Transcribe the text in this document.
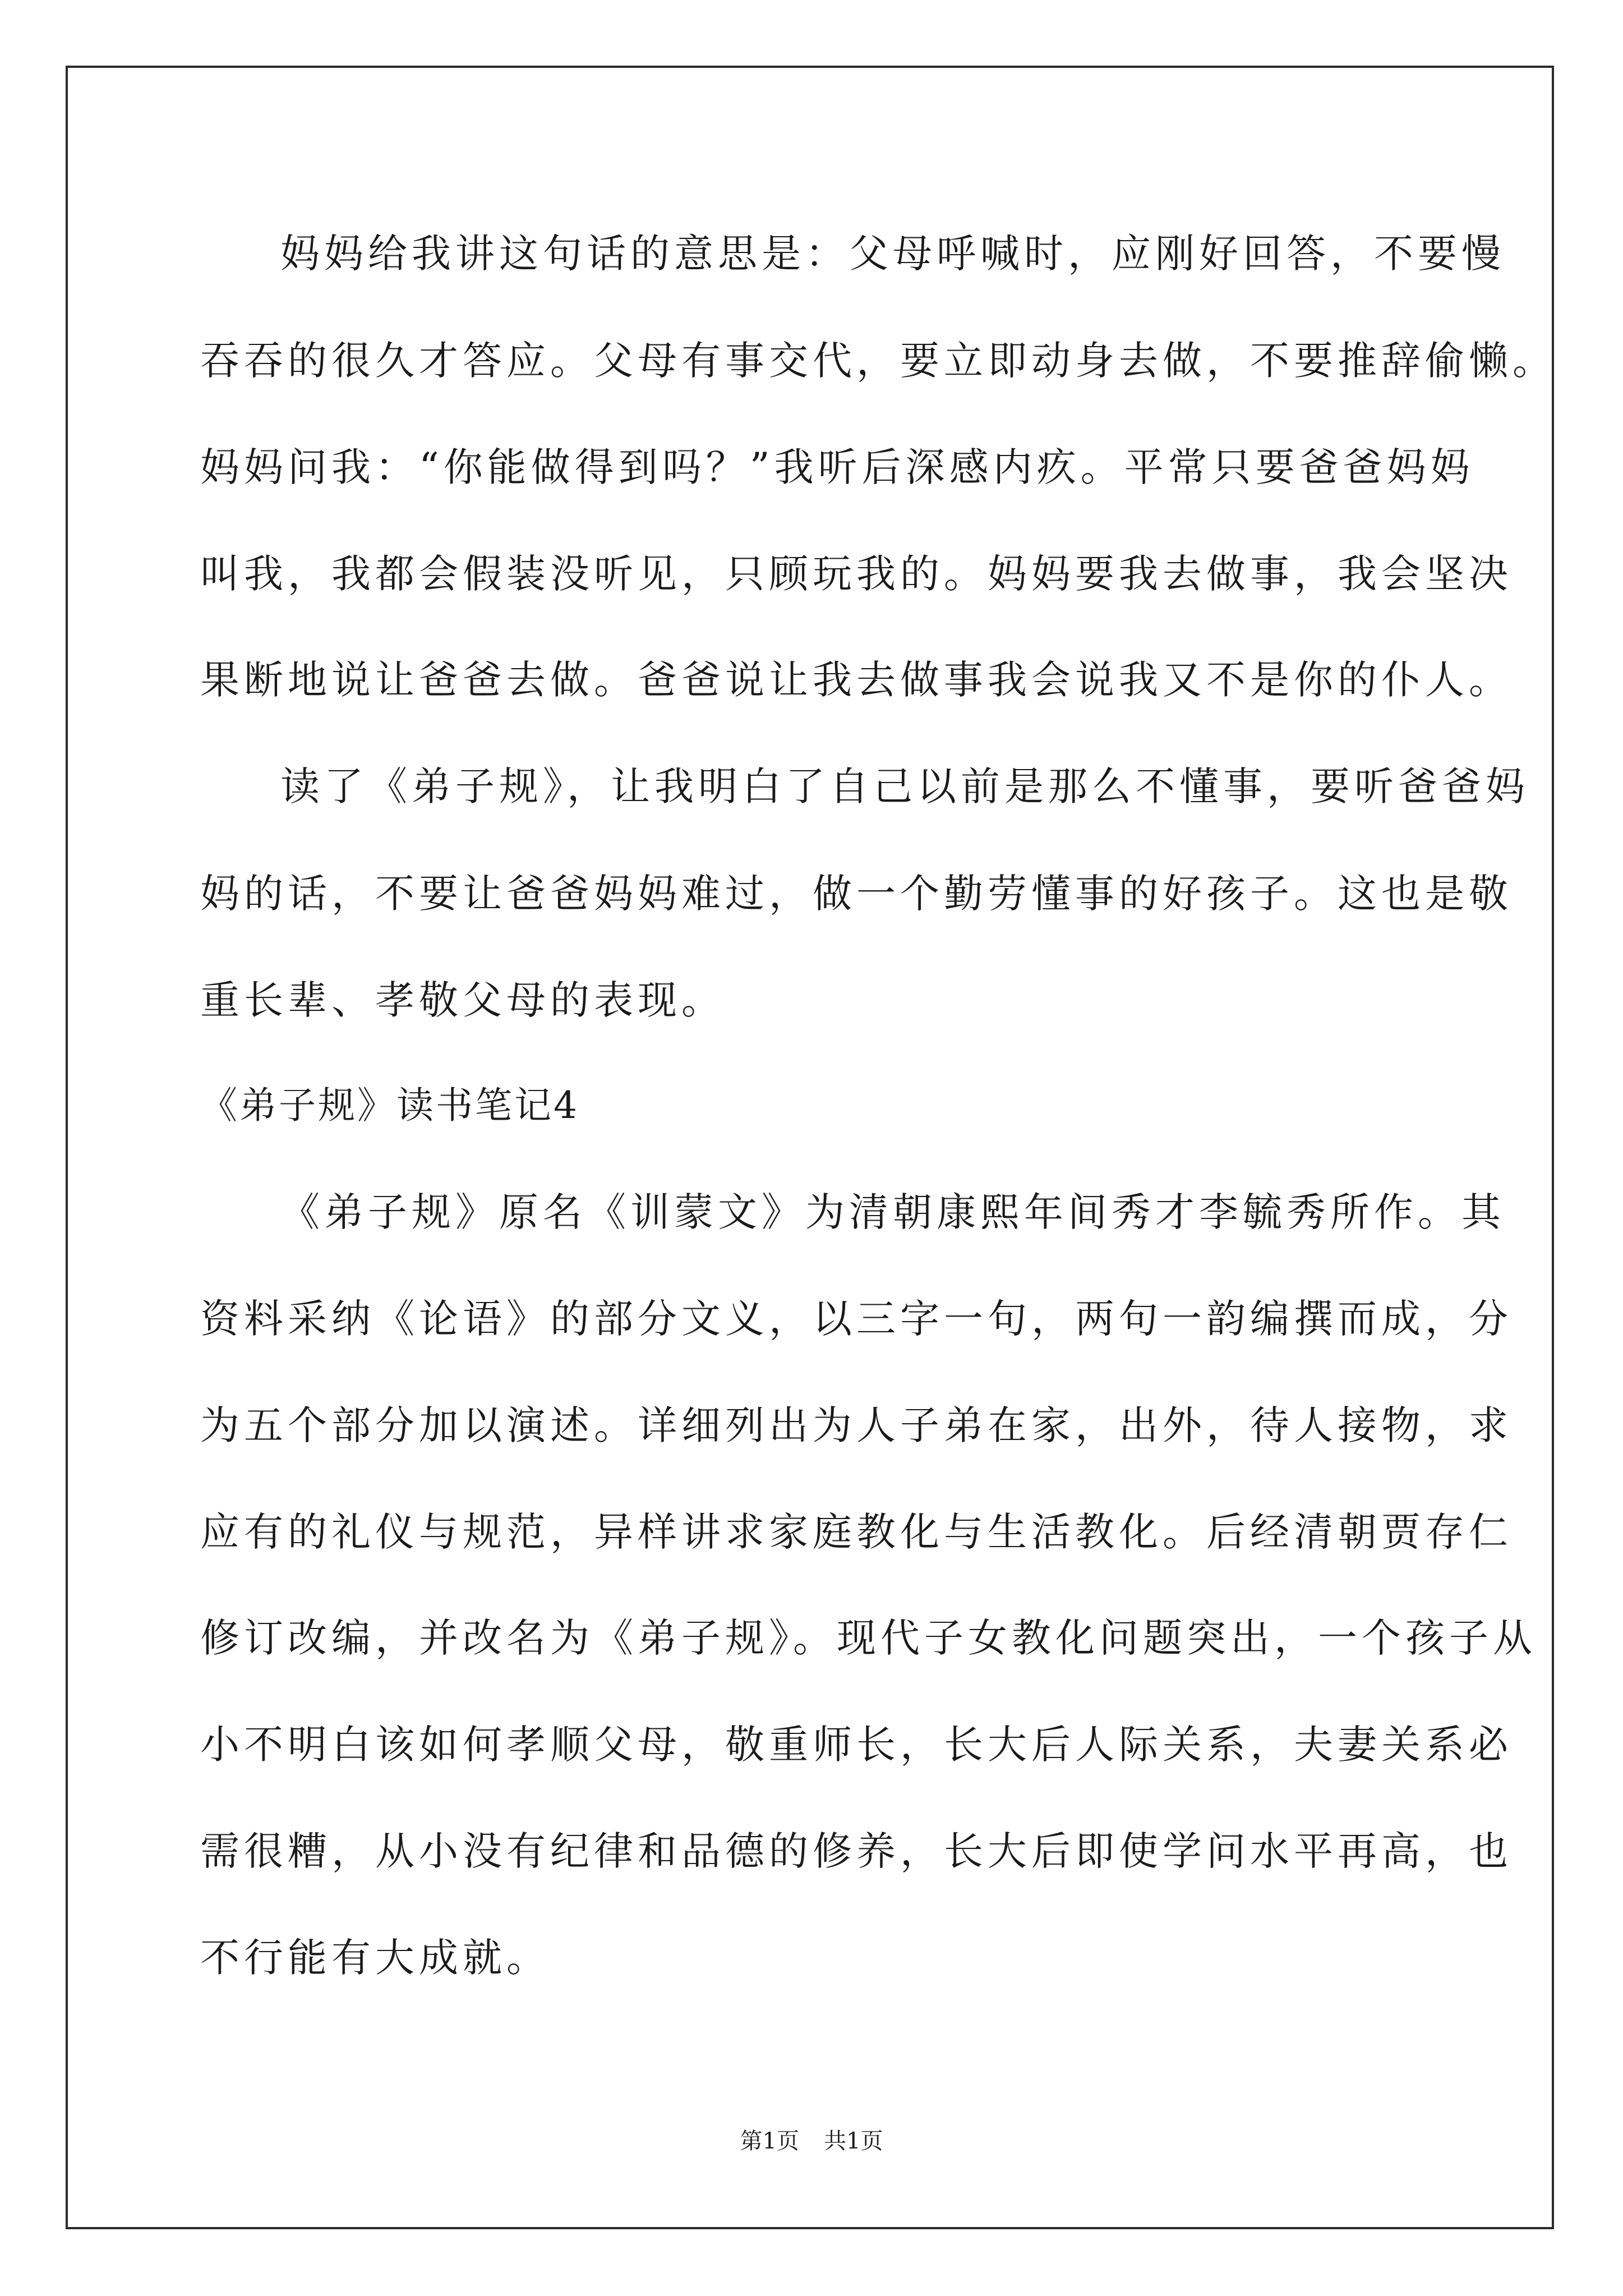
妈妈给我讲这句话的意思是：父母呼喊时，应刚好回答，不要慢
吞吞的很久才答应。父母有事交代，要立即动身去做，不要推辞偷懒。
妈妈问我：“你能做得到吗？”我听后深感内疚。平常只要爸爸妈妈
叫我，我都会假装没听见，只顾玩我的。妈妈要我去做事，我会坚决
果断地说让爸爸去做。爸爸说让我去做事我会说我又不是你的仆人。
读了《弟子规》，让我明白了自己以前是那么不懂事，要听爸爸妈
妈的话，不要让爸爸妈妈难过，做一个勤劳懂事的好孩子。这也是敬
重长辈、孝敬父母的表现。
《弟子规》读书笔记4
《弟子规》原名《训蒙文》为清朝康熙年间秀才李毓秀所作。其
资料采纳《论语》的部分文义，以三字一句，两句一韵编撰而成，分
为五个部分加以演述。详细列出为人子弟在家，出外，待人接物，求
应有的礼仪与规范，异样讲求家庭教化与生活教化。后经清朝贾存仁
修订改编，并改名为《弟子规》。现代子女教化问题突出，一个孩子从
小不明白该如何孝顺父母，敬重师长，长大后人际关系，夫妻关系必
需很糟，从小没有纪律和品德的修养，长大后即使学问水平再高，也
不行能有大成就。
第1页 共1页
